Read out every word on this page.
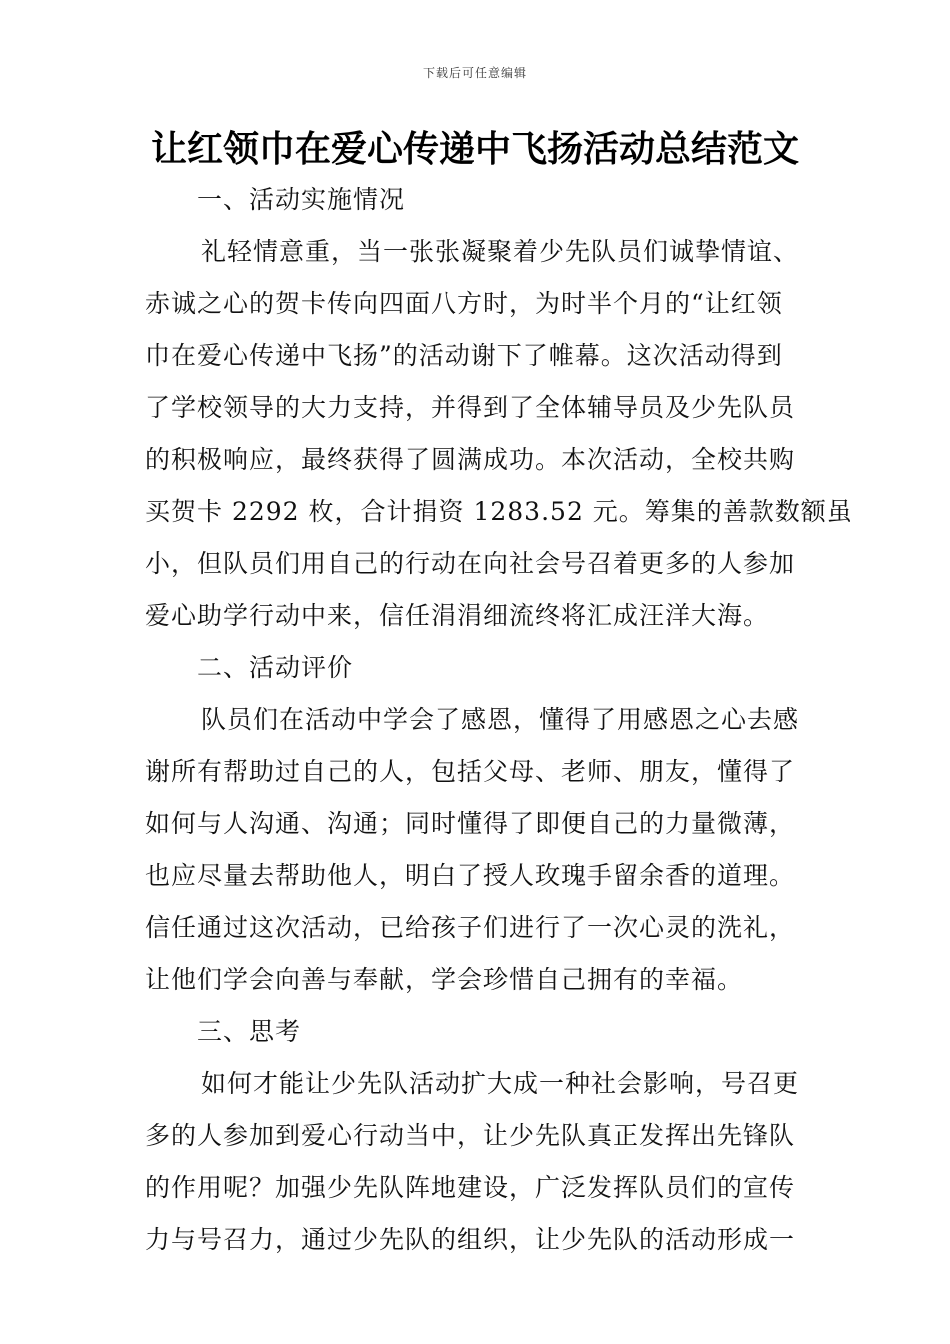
下载后可任意编辑
让红领巾在爱心传递中飞扬活动总结范文

一、活动实施情况

礼轻情意重，当一张张凝聚着少先队员们诚挚情谊、

赤诚之心的贺卡传向四面八方时，为时半个月的“让红领

巾在爱心传递中飞扬”的活动谢下了帷幕。这次活动得到

了学校领导的大力支持，并得到了全体辅导员及少先队员

的积极响应，最终获得了圆满成功。本次活动，全校共购

买贺卡 2292 枚，合计捐资 1283.52 元。筹集的善款数额虽

小，但队员们用自己的行动在向社会号召着更多的人参加

爱心助学行动中来，信任涓涓细流终将汇成汪洋大海。

二、活动评价

队员们在活动中学会了感恩，懂得了用感恩之心去感

谢所有帮助过自己的人，包括父母、老师、朋友，懂得了

如何与人沟通、沟通；同时懂得了即便自己的力量微薄，

也应尽量去帮助他人，明白了授人玫瑰手留余香的道理。

信任通过这次活动，已给孩子们进行了一次心灵的洗礼，

让他们学会向善与奉献，学会珍惜自己拥有的幸福。

三、思考

如何才能让少先队活动扩大成一种社会影响，号召更

多的人参加到爱心行动当中，让少先队真正发挥出先锋队

的作用呢？加强少先队阵地建设，广泛发挥队员们的宣传

力与号召力，通过少先队的组织，让少先队的活动形成一
